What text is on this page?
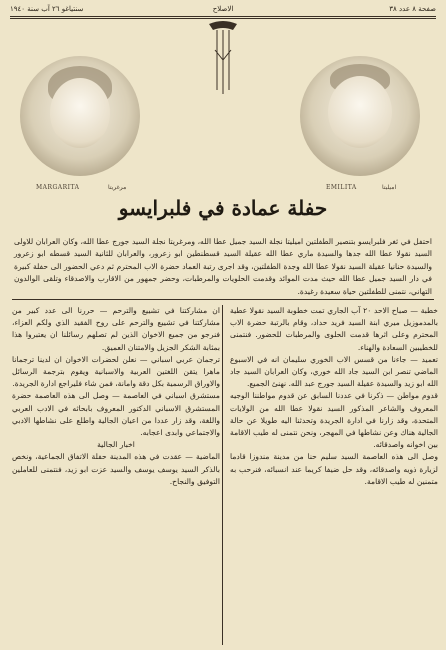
صفحة ٨ عدد ٣٨
الاصلاح
سنتياغو ٢٦ آب سنة ١٩٤٠
MARGARITA	مرغريتا	EMILITA	اميليتا
حفلة عمادة في فلبرايسو
احتفل في ثغر فلبرايسو بتنصير الطفلتين اميليتا نجلة السيد جميل عطا الله، ومرغريتا نجلة السيد جورج عطا الله، وكان العرابان للاولى السيد نقولا عطا الله جدها والسيدة ماري عطا الله عقيلة السيد قسطنطين ابو زعرور، والعرابان للثانية السيد قسطه ابو زعرور والسيدة حنانيا عقيلة السيد نقولا عطا الله وجدة الطفلتين، وقد اجرى رتبة العماد حضرة الاب المحترم ثم دعي الحضور الى حفلة كبيرة في دار السيد جميل عطا الله حيث مدت الموائد وقدمت الحلويات والمرطبات، وحضر جمهور من الاقارب والاصدقاء وتلقى الوالدون التهاني، نتمنى للطفلتين حياة سعيدة رغيدة.

خطبة — صباح الاحد ٢٠ آب الجاري تمت خطوبة السيد نقولا عطية بالمدموزيل ميري ابنة السيد فريد حداد، وقام بالرتبة حضرة الاب المحترم وعلى اثرها قدمت الحلوى والمرطبات للحضور. فنتمنى للخطيبين السعادة والهناء.

تعميد — جاءنا من قسس الاب الخوري سليمان انه في الاسبوع الماضي تنصر ابن السيد جاد الله خوري، وكان العرابان السيد جاد الله ابو زيد والسيدة عقيلة السيد جورج عبد الله. نهنئ الجميع.

قدوم مواطن — ذكرنا في عددنا السابق عن قدوم مواطننا الوجيه المعروف والشاعر المذكور السيد نقولا عطا الله من الولايات المتحدة، وقد زارنا في ادارة الجريدة وتحدثنا اليه طويلا عن حالة الجالية هناك وعن نشاطها في المهجر، ونحن نتمنى له طيب الاقامة بين اخوانه واصدقائه.

وصل الى هذه العاصمة السيد سليم حنا من مدينة مندوزا قادما لزيارة ذويه واصدقائه، وقد حل ضيفا كريما عند انسبائه، فنرحب به متمنين له طيب الاقامة.

ان مشاركتنا في تشييع والترحم — حررنا الى عدد كبير من مشاركتنا في تشييع والترحم على روح الفقيد الذي ولكم العزاء، فنرجو من جميع الاخوان الذين لم تصلهم رسائلنا ان يعتبروا هذا بمثابة الشكر الجزيل والامتنان العميق.

ترجمان عربي اسباني — نعلن لحضرات الاخوان ان لدينا ترجمانا ماهرا يتقن اللغتين العربية والاسبانية ويقوم بترجمة الرسائل والاوراق الرسمية بكل دقة وامانة، فمن شاء فليراجع ادارة الجريدة.

مستشرق اسباني في العاصمة — وصل الى هذه العاصمة حضرة المستشرق الاسباني الدكتور المعروف بابحاثه في الادب العربي واللغة، وقد زار عددا من اعيان الجالية واطلع على نشاطها الادبي والاجتماعي وابدى اعجابه.

اخبار الجالية

الماضية — عقدت في هذه المدينة حفلة الاتفاق الجماعية، ونخص بالذكر السيد يوسف يوسف والسيد عزت ابو زيد، فنتمنى للعاملين التوفيق والنجاح.
